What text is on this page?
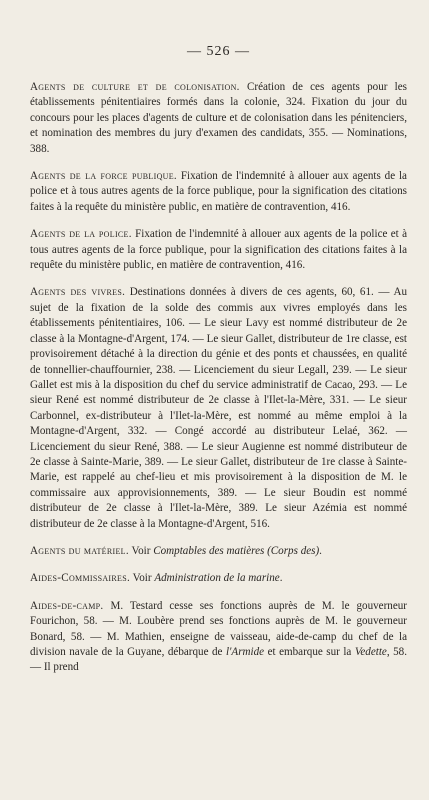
— 526 —

Agents de culture et de colonisation. Création de ces agents pour les établissements pénitentiaires formés dans la colonie, 324. Fixation du jour du concours pour les places d'agents de culture et de colonisation dans les pénitenciers, et nomination des membres du jury d'examen des candidats, 355. — Nominations, 388.

Agents de la force publique. Fixation de l'indemnité à allouer aux agents de la police et à tous autres agents de la force publique, pour la signification des citations faites à la requête du ministère public, en matière de contravention, 416.

Agents de la police. Fixation de l'indemnité à allouer aux agents de la police et à tous autres agents de la force publique, pour la signification des citations faites à la requête du ministère public, en matière de contravention, 416.

Agents des vivres. Destinations données à divers de ces agents, 60, 61. — Au sujet de la fixation de la solde des commis aux vivres employés dans les établissements pénitentiaires, 106. — Le sieur Lavy est nommé distributeur de 2e classe à la Montagne-d'Argent, 174. — Le sieur Gallet, distributeur de 1re classe, est provisoirement détaché à la direction du génie et des ponts et chaussées, en qualité de tonnellier-chauffournier, 238. — Licenciement du sieur Legall, 239. — Le sieur Gallet est mis à la disposition du chef du service administratif de Cacao, 293. — Le sieur René est nommé distributeur de 2e classe à l'Ilet-la-Mère, 331. — Le sieur Carbonnel, ex-distributeur à l'Ilet-la-Mère, est nommé au même emploi à la Montagne-d'Argent, 332. — Congé accordé au distributeur Lelaé, 362. — Licenciement du sieur René, 388. — Le sieur Augienne est nommé distributeur de 2e classe à Sainte-Marie, 389. — Le sieur Gallet, distributeur de 1re classe à Sainte-Marie, est rappelé au chef-lieu et mis provisoirement à la disposition de M. le commissaire aux approvisionnements, 389. — Le sieur Boudin est nommé distributeur de 2e classe à l'Ilet-la-Mère, 389. Le sieur Azémia est nommé distributeur de 2e classe à la Montagne-d'Argent, 516.

Agents du matériel. Voir Comptables des matières (Corps des).

Aides-Commissaires. Voir Administration de la marine.

Aides-de-camp. M. Testard cesse ses fonctions auprès de M. le gouverneur Fourichon, 58. — M. Loubère prend ses fonctions auprès de M. le gouverneur Bonard, 58. — M. Mathien, enseigne de vaisseau, aide-de-camp du chef de la division navale de la Guyane, débarque de l'Armide et embarque sur la Vedette, 58. — Il prend
